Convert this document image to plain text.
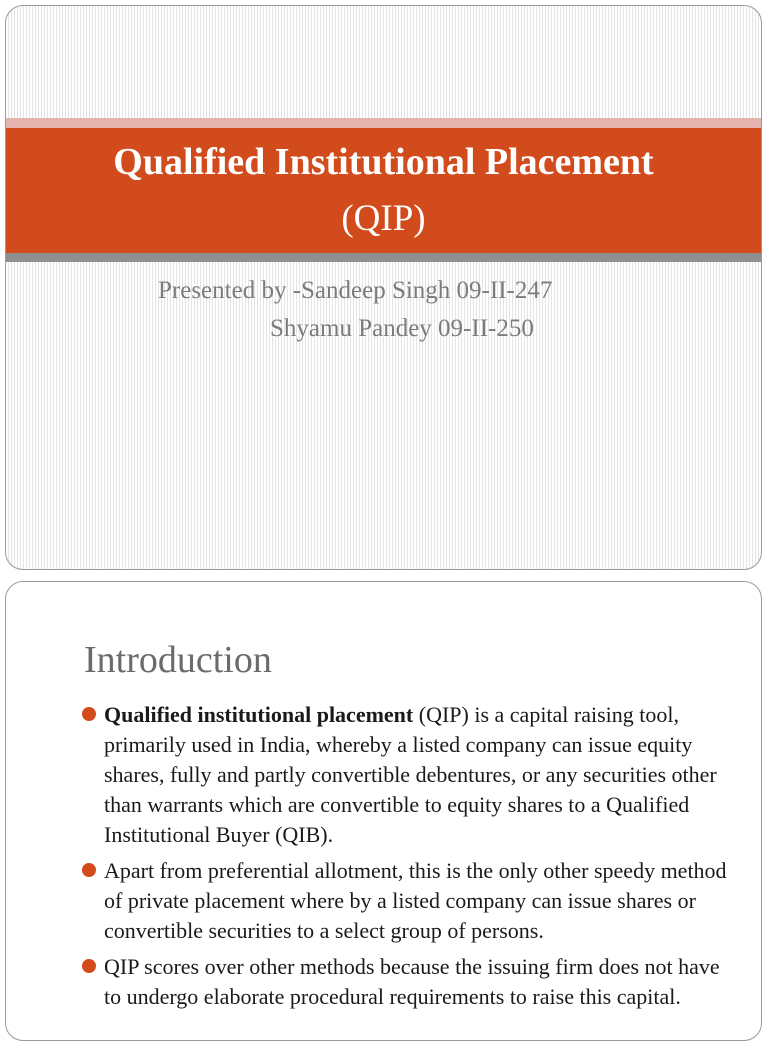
Qualified Institutional Placement
(QIP)
Presented by -Sandeep Singh 09-II-247
Shyamu Pandey 09-II-250
Introduction
Qualified institutional placement (QIP) is a capital raising tool, primarily used in India, whereby a listed company can issue equity shares, fully and partly convertible debentures, or any securities other than warrants which are convertible to equity shares to a Qualified Institutional Buyer (QIB).
Apart from preferential allotment, this is the only other speedy method of private placement where by a listed company can issue shares or convertible securities to a select group of persons.
QIP scores over other methods because the issuing firm does not have to undergo elaborate procedural requirements to raise this capital.
